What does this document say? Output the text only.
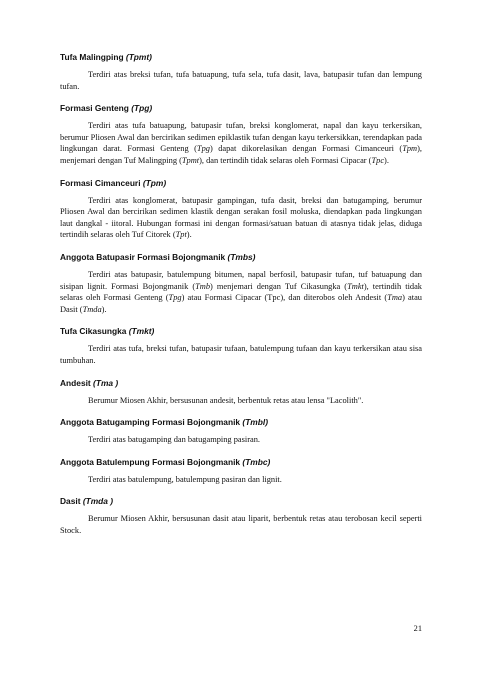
Tufa Malingping (Tpmt)

Terdiri atas breksi tufan, tufa batuapung, tufa sela, tufa dasit, lava, batupasir tufan dan lempung tufan.

Formasi Genteng (Tpg)

Terdiri atas tufa batuapung, batupasir tufan, breksi konglomerat, napal dan kayu terkersikan, berumur Pliosen Awal dan bercirikan sedimen epiklastik tufan dengan kayu terkersikkan, terendapkan pada lingkungan darat. Formasi Genteng (Tpg) dapat dikorelasikan dengan Formasi Cimanceuri (Tpm), menjemari dengan Tuf Malingping (Tpmt), dan tertindih tidak selaras oleh Formasi Cipacar (Tpc).

Formasi Cimanceuri (Tpm)

Terdiri atas konglomerat, batupasir gampingan, tufa dasit, breksi dan batugamping, berumur Pliosen Awal dan bercirikan sedimen klastik dengan serakan fosil moluska, diendapkan pada lingkungan laut dangkal - iitoral. Hubungan formasi ini dengan formasi/satuan batuan di atasnya tidak jelas, diduga tertindih selaras oleh Tuf Citorek (Tpt).

Anggota Batupasir Formasi Bojongmanik (Tmbs)

Terdiri atas batupasir, batulempung bitumen, napal berfosil, batupasir tufan, tuf batuapung dan sisipan lignit. Formasi Bojongmanik (Tmb) menjemari dengan Tuf Cikasungka (Tmkt), tertindih tidak selaras oleh Formasi Genteng (Tpg) atau Formasi Cipacar (Tpc), dan diterobos oleh Andesit (Tma) atau Dasit (Tmda).

Tufa Cikasungka (Tmkt)

Terdiri atas tufa, breksi tufan, batupasir tufaan, batulempung tufaan dan kayu terkersikan atau sisa tumbuhan.

Andesit (Tma )

Berumur Miosen Akhir, bersusunan andesit, berbentuk retas atau lensa "Lacolith".

Anggota Batugamping Formasi Bojongmanik (Tmbl)

Terdiri atas batugamping dan batugamping pasiran.

Anggota Batulempung Formasi Bojongmanik (Tmbc)

Terdiri atas batulempung, batulempung pasiran dan lignit.

Dasit (Tmda )

Berumur Miosen Akhir, bersusunan dasit atau liparit, berbentuk retas atau terobosan kecil seperti Stock.

21
